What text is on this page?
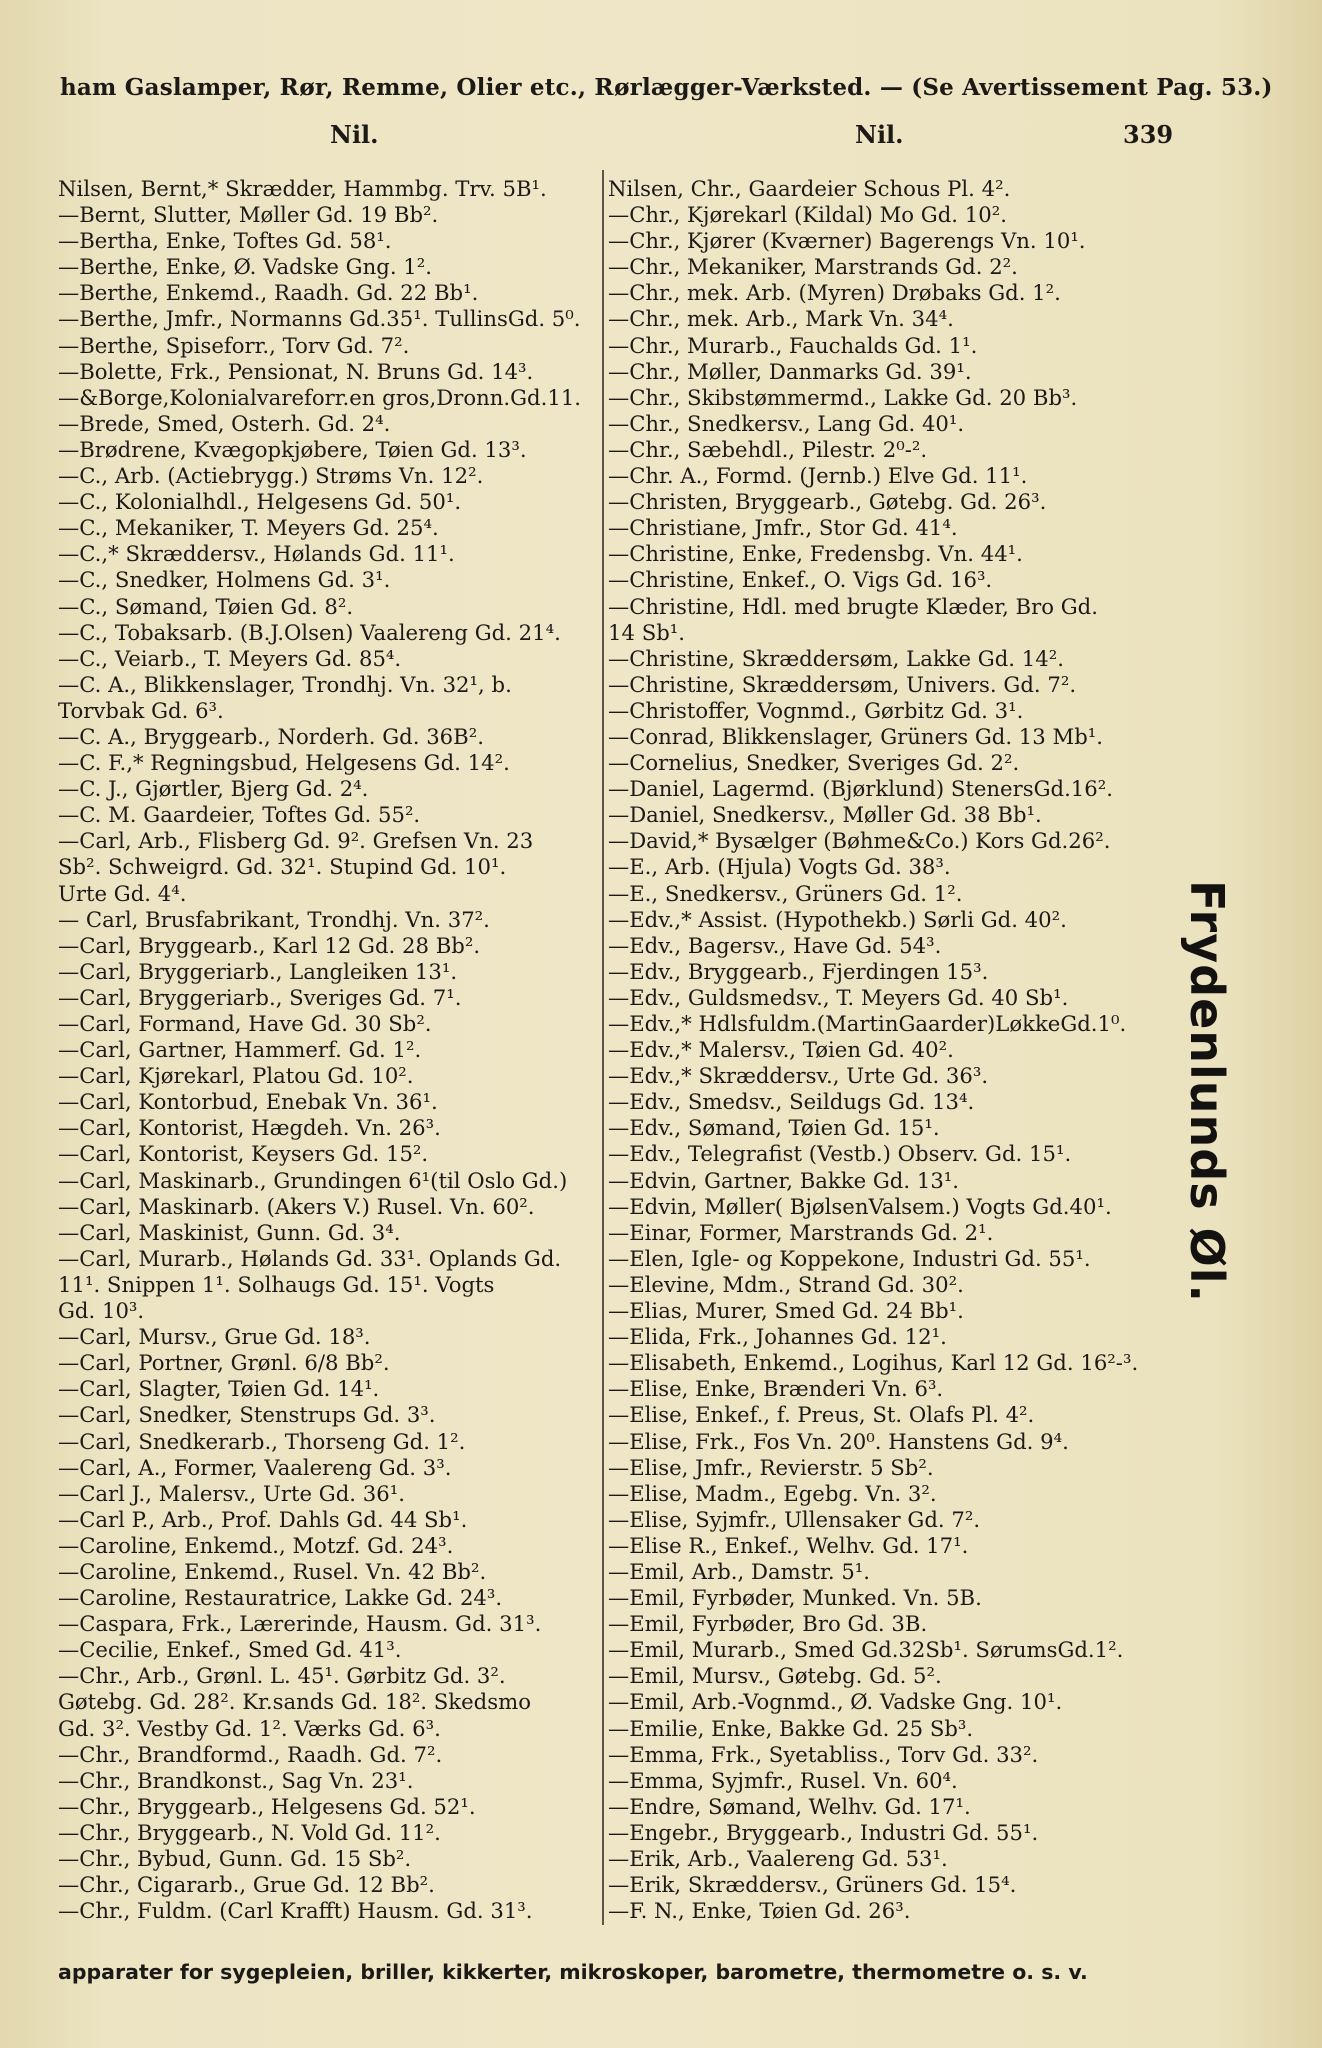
ham Gaslamper, Rør, Remme, Olier etc., Rørlægger-Værksted. — (Se Avertissement Pag. 53.)
Nil.	Nil.	339
Nilsen, Bernt,* Skrædder, Hammbg. Trv. 5B¹.
—Bernt, Slutter, Møller Gd. 19 Bb².
—Bertha, Enke, Toftes Gd. 58¹.
—Berthe, Enke, Ø. Vadske Gng. 1².
—Berthe, Enkemd., Raadh. Gd. 22 Bb¹.
—Berthe, Jmfr., Normanns Gd.35¹. TullinsGd. 5⁰.
—Berthe, Spiseforr., Torv Gd. 7².
—Bolette, Frk., Pensionat, N. Bruns Gd. 14³.
—&Borge,Kolonialvareforr.en gros,Dronn.Gd.11.
—Brede, Smed, Osterh. Gd. 2⁴.
—Brødrene, Kvægopkjøbere, Tøien Gd. 13³.
—C., Arb. (Actiebrygg.) Strøms Vn. 12².
—C., Kolonialhdl., Helgesens Gd. 50¹.
—C., Mekaniker, T. Meyers Gd. 25⁴.
—C.,* Skræddersv., Hølands Gd. 11¹.
—C., Snedker, Holmens Gd. 3¹.
—C., Sømand, Tøien Gd. 8².
—C., Tobaksarb. (B.J.Olsen) Vaalereng Gd. 21⁴.
—C., Veiarb., T. Meyers Gd. 85⁴.
—C. A., Blikkenslager, Trondhj. Vn. 32¹, b.
Torvbak Gd. 6³.
—C. A., Bryggearb., Norderh. Gd. 36B².
—C. F.,* Regningsbud, Helgesens Gd. 14².
—C. J., Gjørtler, Bjerg Gd. 2⁴.
—C. M. Gaardeier, Toftes Gd. 55².
—Carl, Arb., Flisberg Gd. 9². Grefsen Vn. 23
Sb². Schweigrd. Gd. 32¹. Stupind Gd. 10¹.
Urte Gd. 4⁴.
— Carl, Brusfabrikant, Trondhj. Vn. 37².
—Carl, Bryggearb., Karl 12 Gd. 28 Bb².
—Carl, Bryggeriarb., Langleiken 13¹.
—Carl, Bryggeriarb., Sveriges Gd. 7¹.
—Carl, Formand, Have Gd. 30 Sb².
—Carl, Gartner, Hammerf. Gd. 1².
—Carl, Kjørekarl, Platou Gd. 10².
—Carl, Kontorbud, Enebak Vn. 36¹.
—Carl, Kontorist, Hægdeh. Vn. 26³.
—Carl, Kontorist, Keysers Gd. 15².
—Carl, Maskinarb., Grundingen 6¹(til Oslo Gd.)
—Carl, Maskinarb. (Akers V.) Rusel. Vn. 60².
—Carl, Maskinist, Gunn. Gd. 3⁴.
—Carl, Murarb., Hølands Gd. 33¹. Oplands Gd.
11¹. Snippen 1¹. Solhaugs Gd. 15¹. Vogts
Gd. 10³.
—Carl, Mursv., Grue Gd. 18³.
—Carl, Portner, Grønl. 6/8 Bb².
—Carl, Slagter, Tøien Gd. 14¹.
—Carl, Snedker, Stenstrups Gd. 3³.
—Carl, Snedkerarb., Thorseng Gd. 1².
—Carl, A., Former, Vaalereng Gd. 3³.
—Carl J., Malersv., Urte Gd. 36¹.
—Carl P., Arb., Prof. Dahls Gd. 44 Sb¹.
—Caroline, Enkemd., Motzf. Gd. 24³.
—Caroline, Enkemd., Rusel. Vn. 42 Bb².
—Caroline, Restauratrice, Lakke Gd. 24³.
—Caspara, Frk., Lærerinde, Hausm. Gd. 31³.
—Cecilie, Enkef., Smed Gd. 41³.
—Chr., Arb., Grønl. L. 45¹. Gørbitz Gd. 3².
Gøtebg. Gd. 28². Kr.sands Gd. 18². Skedsmo
Gd. 3². Vestby Gd. 1². Værks Gd. 6³.
—Chr., Brandformd., Raadh. Gd. 7².
—Chr., Brandkonst., Sag Vn. 23¹.
—Chr., Bryggearb., Helgesens Gd. 52¹.
—Chr., Bryggearb., N. Vold Gd. 11².
—Chr., Bybud, Gunn. Gd. 15 Sb².
—Chr., Cigararb., Grue Gd. 12 Bb².
—Chr., Fuldm. (Carl Krafft) Hausm. Gd. 31³.
Nilsen, Chr., Gaardeier Schous Pl. 4².
—Chr., Kjørekarl (Kildal) Mo Gd. 10².
—Chr., Kjører (Kværner) Bagerengs Vn. 10¹.
—Chr., Mekaniker, Marstrands Gd. 2².
—Chr., mek. Arb. (Myren) Drøbaks Gd. 1².
—Chr., mek. Arb., Mark Vn. 34⁴.
—Chr., Murarb., Fauchalds Gd. 1¹.
—Chr., Møller, Danmarks Gd. 39¹.
—Chr., Skibstømmermd., Lakke Gd. 20 Bb³.
—Chr., Snedkersv., Lang Gd. 40¹.
—Chr., Sæbehdl., Pilestr. 2⁰-².
—Chr. A., Formd. (Jernb.) Elve Gd. 11¹.
—Christen, Bryggearb., Gøtebg. Gd. 26³.
—Christiane, Jmfr., Stor Gd. 41⁴.
—Christine, Enke, Fredensbg. Vn. 44¹.
—Christine, Enkef., O. Vigs Gd. 16³.
—Christine, Hdl. med brugte Klæder, Bro Gd.
14 Sb¹.
—Christine, Skræddersøm, Lakke Gd. 14².
—Christine, Skræddersøm, Univers. Gd. 7².
—Christoffer, Vognmd., Gørbitz Gd. 3¹.
—Conrad, Blikkenslager, Grüners Gd. 13 Mb¹.
—Cornelius, Snedker, Sveriges Gd. 2².
—Daniel, Lagermd. (Bjørklund) StenersGd.16².
—Daniel, Snedkersv., Møller Gd. 38 Bb¹.
—David,* Bysælger (Bøhme&Co.) Kors Gd.26².
—E., Arb. (Hjula) Vogts Gd. 38³.
—E., Snedkersv., Grüners Gd. 1².
—Edv.,* Assist. (Hypothekb.) Sørli Gd. 40².
—Edv., Bagersv., Have Gd. 54³.
—Edv., Bryggearb., Fjerdingen 15³.
—Edv., Guldsmedsv., T. Meyers Gd. 40 Sb¹.
—Edv.,* Hdlsfuldm.(MartinGaarder)LøkkeGd.1⁰.
—Edv.,* Malersv., Tøien Gd. 40².
—Edv.,* Skræddersv., Urte Gd. 36³.
—Edv., Smedsv., Seildugs Gd. 13⁴.
—Edv., Sømand, Tøien Gd. 15¹.
—Edv., Telegrafist (Vestb.) Observ. Gd. 15¹.
—Edvin, Gartner, Bakke Gd. 13¹.
—Edvin, Møller( BjølsenValsem.) Vogts Gd.40¹.
—Einar, Former, Marstrands Gd. 2¹.
—Elen, Igle- og Koppekone, Industri Gd. 55¹.
—Elevine, Mdm., Strand Gd. 30².
—Elias, Murer, Smed Gd. 24 Bb¹.
—Elida, Frk., Johannes Gd. 12¹.
—Elisabeth, Enkemd., Logihus, Karl 12 Gd. 16²-³.
—Elise, Enke, Brænderi Vn. 6³.
—Elise, Enkef., f. Preus, St. Olafs Pl. 4².
—Elise, Frk., Fos Vn. 20⁰. Hanstens Gd. 9⁴.
—Elise, Jmfr., Revierstr. 5 Sb².
—Elise, Madm., Egebg. Vn. 3².
—Elise, Syjmfr., Ullensaker Gd. 7².
—Elise R., Enkef., Welhv. Gd. 17¹.
—Emil, Arb., Damstr. 5¹.
—Emil, Fyrbøder, Munked. Vn. 5B.
—Emil, Fyrbøder, Bro Gd. 3B.
—Emil, Murarb., Smed Gd.32Sb¹. SørumsGd.1².
—Emil, Mursv., Gøtebg. Gd. 5².
—Emil, Arb.-Vognmd., Ø. Vadske Gng. 10¹.
—Emilie, Enke, Bakke Gd. 25 Sb³.
—Emma, Frk., Syetabliss., Torv Gd. 33².
—Emma, Syjmfr., Rusel. Vn. 60⁴.
—Endre, Sømand, Welhv. Gd. 17¹.
—Engebr., Bryggearb., Industri Gd. 55¹.
—Erik, Arb., Vaalereng Gd. 53¹.
—Erik, Skræddersv., Grüners Gd. 15⁴.
—F. N., Enke, Tøien Gd. 26³.
Frydenlunds Øl.
apparater for sygepleien, briller, kikkerter, mikroskoper, barometre, thermometre o. s. v.
